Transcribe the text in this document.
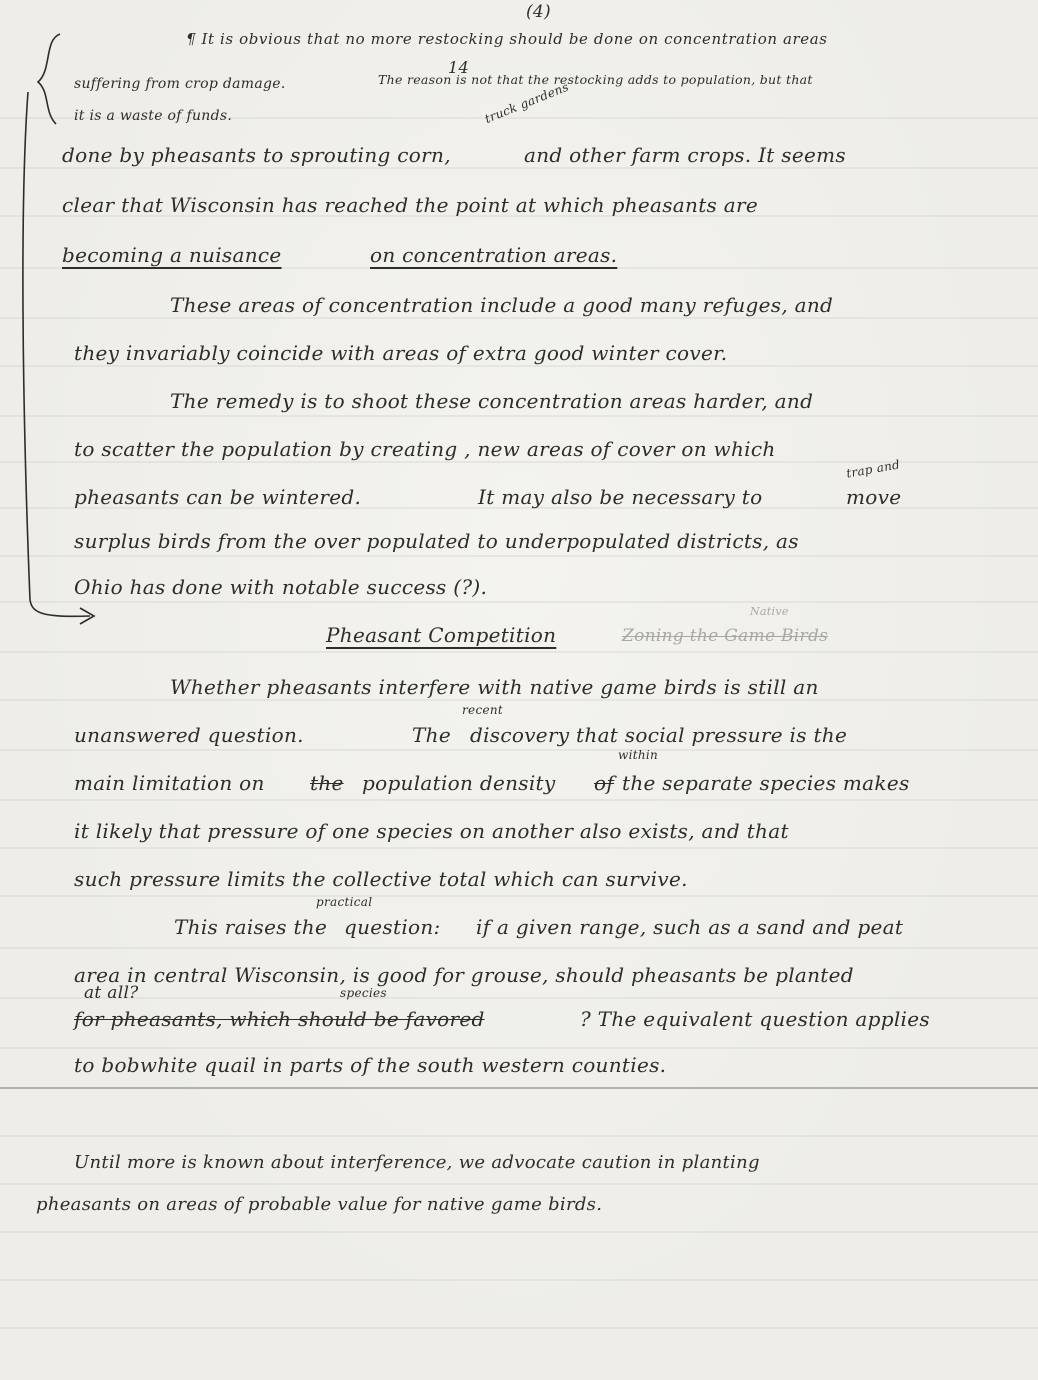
(4)
¶ It is obvious that no more restocking should be done on concentration areas
14
suffering from crop damage.	The reason is not that the restocking adds to population, but that
it is a waste of funds.
done by pheasants to sprouting corn,
truck gardens
and other farm crops. It seems
clear that Wisconsin has reached the point at which pheasants are
becoming a nuisance	on concentration areas.
These areas of concentration include a good many refuges, and
they invariably coincide with areas of extra good winter cover.
The remedy is to shoot these concentration areas harder, and
to scatter the population by creating , new areas of cover on which
pheasants can be wintered.	It may also be necessary to
trap and
move
surplus birds from the over populated to underpopulated districts, as
Ohio has done with notable success (?).
Pheasant Competition	Zoning the Game Birds
Native
Whether pheasants interfere with native game birds is still an
unanswered question.	The
recent
discovery that social pressure is the
main limitation on the population density of
within
the separate species makes
it likely that pressure of one species on another also exists, and that
such pressure limits the collective total which can survive.
This raises the
practical
question: if a given range, such as a sand and peat
area in central Wisconsin, is good for grouse, should pheasants be planted
at all?
for pheasants, which should be favored
species
? The equivalent question applies
to bobwhite quail in parts of the south western counties.
Until more is known about interference, we advocate caution in planting
pheasants on areas of probable value for native game birds.
